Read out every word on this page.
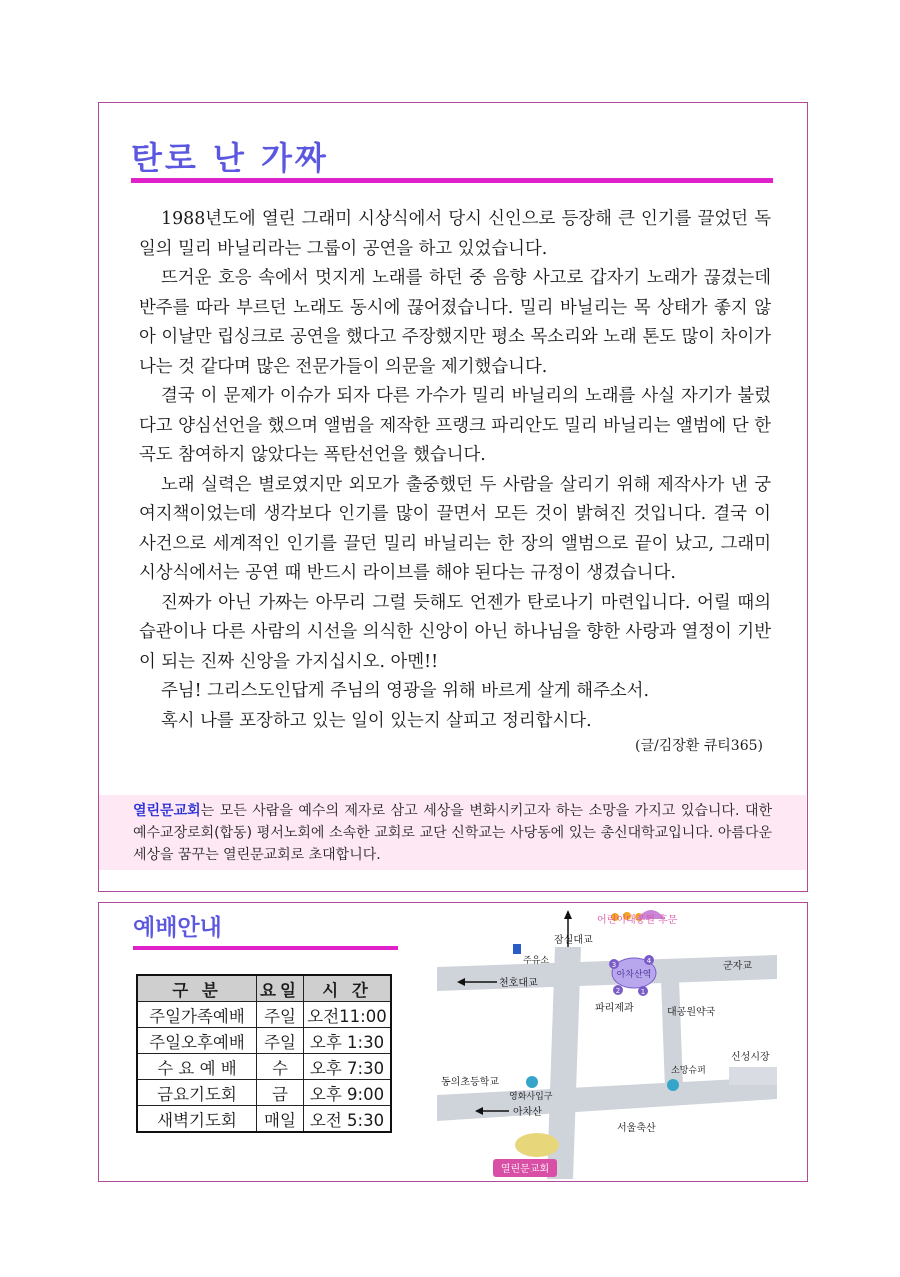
탄로 난 가짜

1988년도에 열린 그래미 시상식에서 당시 신인으로 등장해 큰 인기를 끌었던 독일의 밀리 바닐리라는 그룹이 공연을 하고 있었습니다.

뜨거운 호응 속에서 멋지게 노래를 하던 중 음향 사고로 갑자기 노래가 끊겼는데 반주를 따라 부르던 노래도 동시에 끊어졌습니다. 밀리 바닐리는 목 상태가 좋지 않아 이날만 립싱크로 공연을 했다고 주장했지만 평소 목소리와 노래 톤도 많이 차이가 나는 것 같다며 많은 전문가들이 의문을 제기했습니다.

결국 이 문제가 이슈가 되자 다른 가수가 밀리 바닐리의 노래를 사실 자기가 불렀다고 양심선언을 했으며 앨범을 제작한 프랭크 파리안도 밀리 바닐리는 앨범에 단 한 곡도 참여하지 않았다는 폭탄선언을 했습니다.

노래 실력은 별로였지만 외모가 출중했던 두 사람을 살리기 위해 제작사가 낸 궁여지책이었는데 생각보다 인기를 많이 끌면서 모든 것이 밝혀진 것입니다. 결국 이 사건으로 세계적인 인기를 끌던 밀리 바닐리는 한 장의 앨범으로 끝이 났고, 그래미 시상식에서는 공연 때 반드시 라이브를 해야 된다는 규정이 생겼습니다.

진짜가 아닌 가짜는 아무리 그럴 듯해도 언젠가 탄로나기 마련입니다. 어릴 때의 습관이나 다른 사람의 시선을 의식한 신앙이 아닌 하나님을 향한 사랑과 열정이 기반이 되는 진짜 신앙을 가지십시오. 아멘!!

주님! 그리스도인답게 주님의 영광을 위해 바르게 살게 해주소서.

혹시 나를 포장하고 있는 일이 있는지 살피고 정리합시다.

(글/김장환 큐티365)
열린문교회는 모든 사람을 예수의 제자로 삼고 세상을 변화시키고자 하는 소망을 가지고 있습니다. 대한예수교장로회(합동) 평서노회에 소속한 교회로 교단 신학교는 사당동에 있는 총신대학교입니다. 아름다운 세상을 꿈꾸는 열린문교회로 초대합니다.
예배안내
구 분	요일	시 간
주일가족예배	주일	오전11:00
주일오후예배	주일	오후 1:30
수 요 예 배	수	오후 7:30
금요기도회	금	오후 9:00
새벽기도회	매일	오전 5:30
3	4
2	1
잠실대교
어린이대공원 후문
주유소
천호대교
아차산역
군자교
파리제과	대공원약국
신성시장
소망슈퍼
동의초등학교
영화사입구
아차산
서울축산
열린문교회
